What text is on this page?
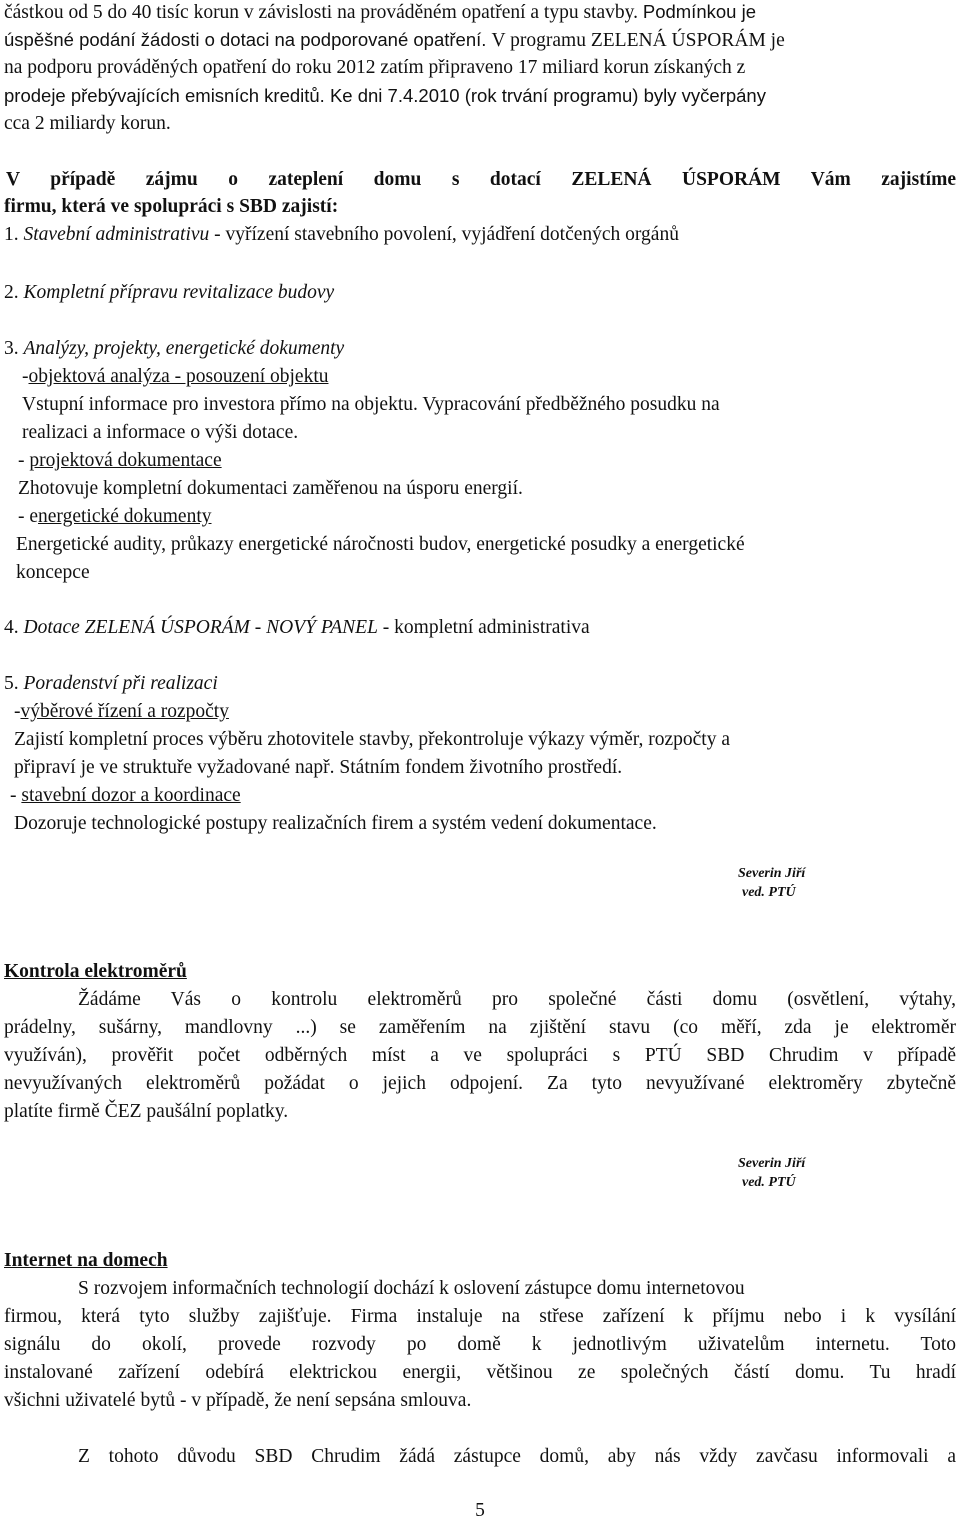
částkou od 5 do 40 tisíc korun v závislosti na prováděném opatření a typu stavby. Podmínkou je
úspěšné podání žádosti o dotaci na podporované opatření. V programu ZELENÁ ÚSPORÁM je
na podporu prováděných opatření do roku 2012 zatím připraveno 17 miliard korun získaných z
prodeje přebývajících emisních kreditů. Ke dni 7.4.2010 (rok trvání programu) byly vyčerpány
cca 2 miliardy korun.
V případě zájmu o zateplení domu s dotací ZELENÁ ÚSPORÁM Vám zajistíme
firmu, která ve spolupráci s SBD zajistí:
1. Stavební administrativu - vyřízení stavebního povolení, vyjádření dotčených orgánů
2. Kompletní přípravu revitalizace budovy
3. Analýzy, projekty, energetické dokumenty
-objektová analýza - posouzení objektu
Vstupní informace pro investora přímo na objektu. Vypracování předběžného posudku na
realizaci a informace o výši dotace.
- projektová dokumentace
Zhotovuje kompletní dokumentaci zaměřenou na úsporu energií.
- energetické dokumenty
Energetické audity, průkazy energetické náročnosti budov, energetické posudky a energetické
koncepce
4. Dotace ZELENÁ ÚSPORÁM - NOVÝ PANEL - kompletní administrativa
5. Poradenství při realizaci
-výběrové řízení a rozpočty
Zajistí kompletní proces výběru zhotovitele stavby, překontroluje výkazy výměr, rozpočty a
připraví je ve struktuře vyžadované např. Státním fondem životního prostředí.
- stavební dozor a koordinace
Dozoruje technologické postupy realizačních firem a systém vedení dokumentace.
Severin Jiří
ved. PTÚ
Kontrola elektroměrů
Žádáme Vás o kontrolu elektroměrů pro společné části domu (osvětlení, výtahy,
prádelny, sušárny, mandlovny ...) se zaměřením na zjištění stavu (co měří, zda je elektroměr
využíván), prověřit počet odběrných míst a ve spolupráci s PTÚ SBD Chrudim v případě
nevyužívaných elektroměrů požádat o jejich odpojení. Za tyto nevyužívané elektroměry zbytečně
platíte firmě ČEZ paušální poplatky.
Severin Jiří
ved. PTÚ
Internet na domech
S rozvojem informačních technologií dochází k oslovení zástupce domu internetovou
firmou, která tyto služby zajišťuje. Firma instaluje na střese zařízení k příjmu nebo i k vysílání
signálu do okolí, provede rozvody po domě k jednotlivým uživatelům internetu. Toto
instalované zařízení odebírá elektrickou energii, většinou ze společných částí domu. Tu hradí
všichni uživatelé bytů - v případě, že není sepsána smlouva.
Z tohoto důvodu SBD Chrudim žádá zástupce domů, aby nás vždy zavčasu informovali a
5
